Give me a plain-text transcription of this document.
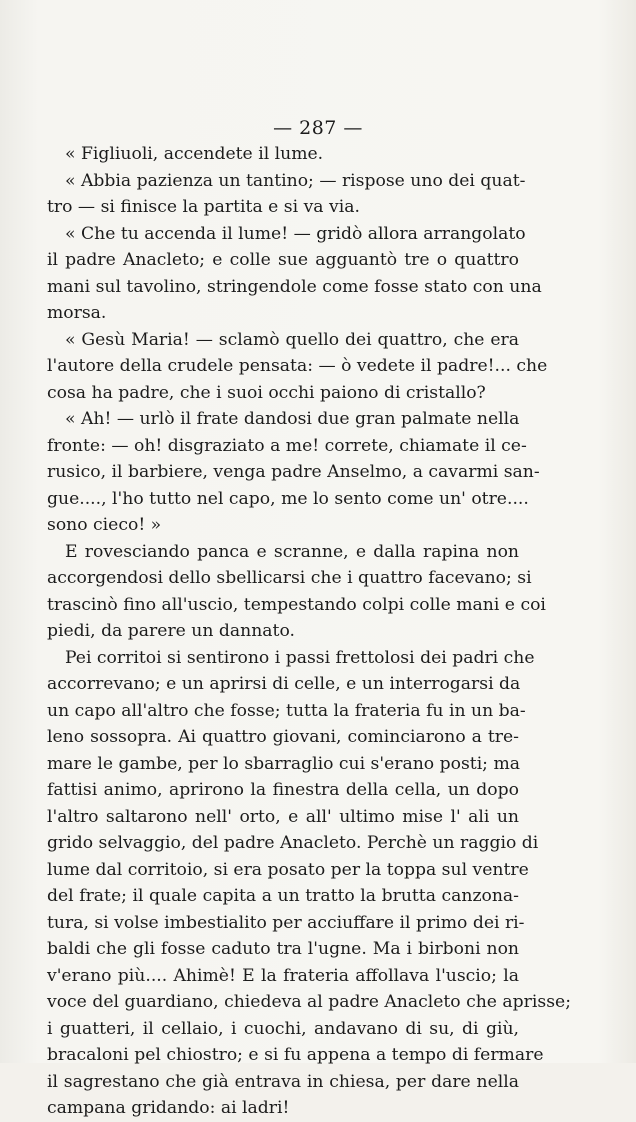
— 287 —
« Figliuoli, accendete il lume.
« Abbia pazienza un tantino; — rispose uno dei quat-
tro — si finisce la partita e si va via.
« Che tu accenda il lume! — gridò allora arrangolato
il padre Anacleto; e colle sue agguantò tre o quattro
mani sul tavolino, stringendole come fosse stato con una
morsa.
« Gesù Maria! — sclamò quello dei quattro, che era
l'autore della crudele pensata: — ò vedete il padre!... che
cosa ha padre, che i suoi occhi paiono di cristallo?
« Ah! — urlò il frate dandosi due gran palmate nella
fronte: — oh! disgraziato a me! correte, chiamate il ce-
rusico, il barbiere, venga padre Anselmo, a cavarmi san-
gue...., l'ho tutto nel capo, me lo sento come un' otre....
sono cieco! »
E rovesciando panca e scranne, e dalla rapina non
accorgendosi dello sbellicarsi che i quattro facevano; si
trascinò fino all'uscio, tempestando colpi colle mani e coi
piedi, da parere un dannato.
Pei corritoi si sentirono i passi frettolosi dei padri che
accorrevano; e un aprirsi di celle, e un interrogarsi da
un capo all'altro che fosse; tutta la frateria fu in un ba-
leno sossopra. Ai quattro giovani, cominciarono a tre-
mare le gambe, per lo sbarraglio cui s'erano posti; ma
fattisi animo, aprirono la finestra della cella, un dopo
l'altro saltarono nell' orto, e all' ultimo mise l' ali un
grido selvaggio, del padre Anacleto. Perchè un raggio di
lume dal corritoio, si era posato per la toppa sul ventre
del frate; il quale capita a un tratto la brutta canzona-
tura, si volse imbestialito per acciuffare il primo dei ri-
baldi che gli fosse caduto tra l'ugne. Ma i birboni non
v'erano più.... Ahimè! E la frateria affollava l'uscio; la
voce del guardiano, chiedeva al padre Anacleto che aprisse;
i guatteri, il cellaio, i cuochi, andavano di su, di giù,
bracaloni pel chiostro; e si fu appena a tempo di fermare
il sagrestano che già entrava in chiesa, per dare nella
campana gridando: ai ladri!
